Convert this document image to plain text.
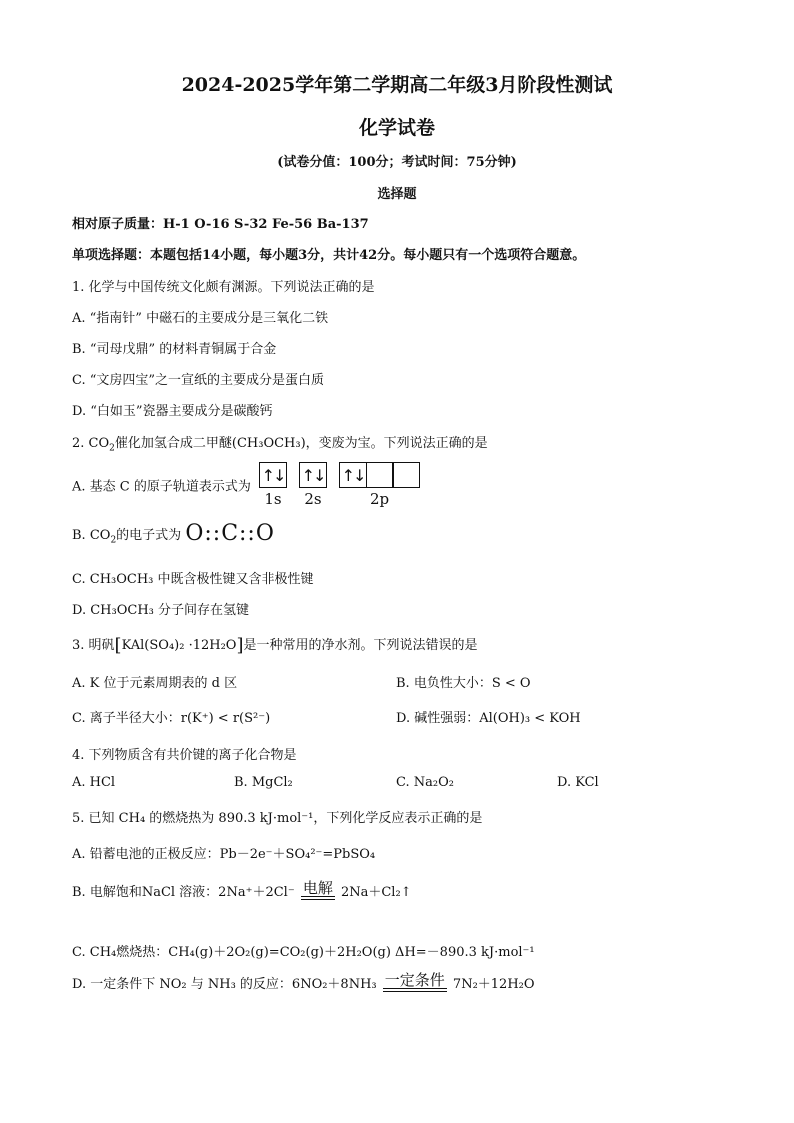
2024-2025学年第二学期高二年级3月阶段性测试
化学试卷
(试卷分值：100分；考试时间：75分钟)
选择题
相对原子质量：H-1 O-16 S-32 Fe-56 Ba-137
单项选择题：本题包括14小题，每小题3分，共计42分。每小题只有一个选项符合题意。
1. 化学与中国传统文化颇有渊源。下列说法正确的是
A. “指南针” 中磁石的主要成分是三氧化二铁
B. “司母戊鼎” 的材料青铜属于合金
C. “文房四宝”之一宣纸的主要成分是蛋白质
D. “白如玉”瓷器主要成分是碳酸钙
2. $CO_2$催化加氢合成二甲醚(CH₃OCH₃)，变废为宝。下列说法正确的是
A. 基态 C 的原子轨道表示式为
↑↓
1s
↑↓
2s
↑↓
2p
B. $CO_2$的电子式为 O::C::O
C. CH₃OCH₃ 中既含极性键又含非极性键
D. CH₃OCH₃ 分子间存在氢键
3. 明矾[KAl(SO₄)₂ ·12H₂O]是一种常用的净水剂。下列说法错误的是
A. K 位于元素周期表的 d 区	B. 电负性大小：S < O
C. 离子半径大小：r(K⁺) < r(S²⁻)	D. 碱性强弱：Al(OH)₃ < KOH
4. 下列物质含有共价键的离子化合物是
A. HCl	B. MgCl₂	C. Na₂O₂	D. KCl
5. 已知 CH₄ 的燃烧热为 890.3 kJ·mol⁻¹，下列化学反应表示正确的是
A. 铅蓄电池的正极反应：Pb－2e⁻＋SO₄²⁻=PbSO₄
B. 电解饱和NaCl 溶液：2Na⁺＋2Cl⁻ 电解 2Na＋Cl₂↑
C. CH₄燃烧热：CH₄(g)＋2O₂(g)=CO₂(g)＋2H₂O(g) ΔH=－890.3 kJ·mol⁻¹
D. 一定条件下 NO₂ 与 NH₃ 的反应：6NO₂＋8NH₃ 一定条件 7N₂＋12H₂O
